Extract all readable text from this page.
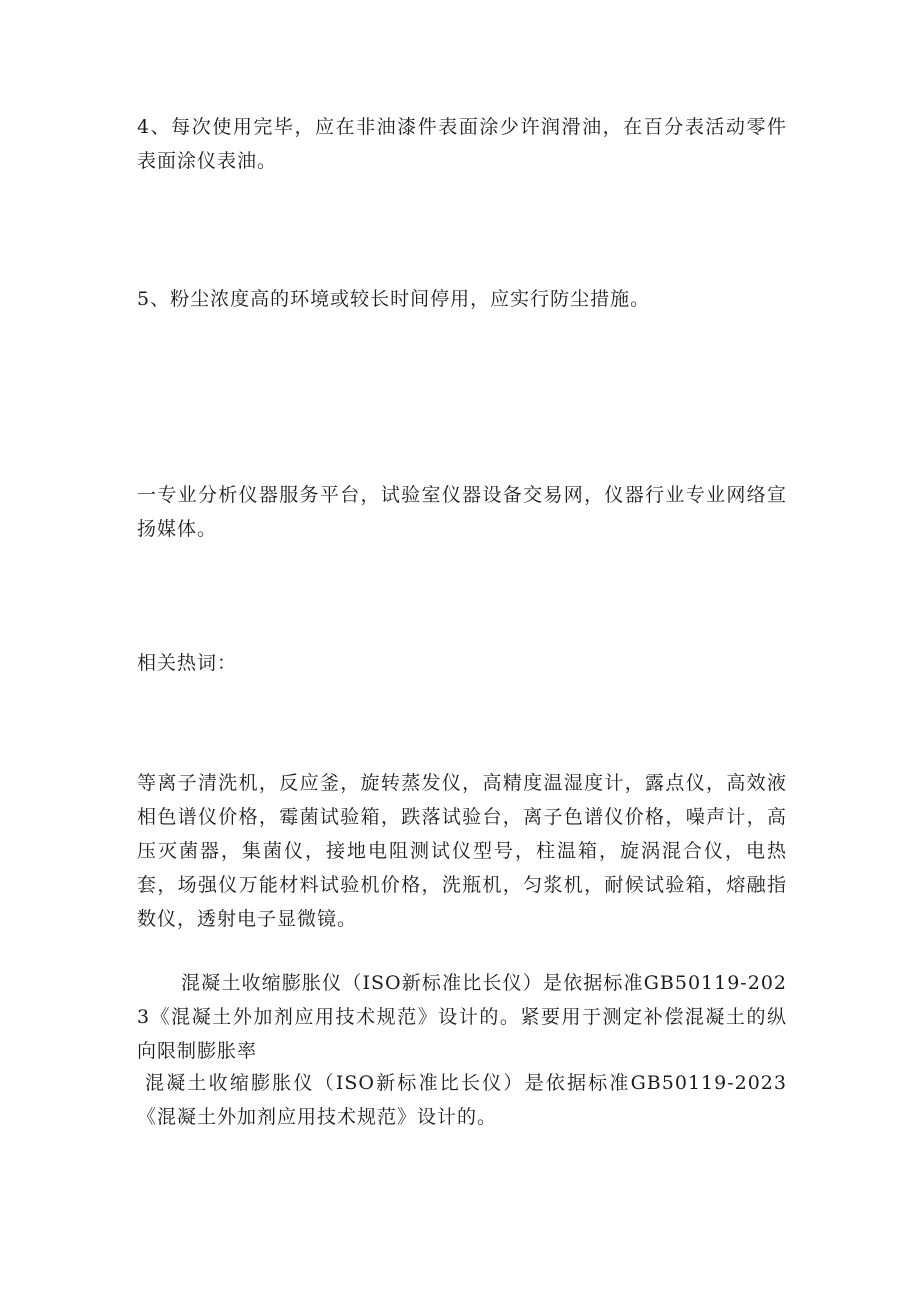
4、每次使用完毕，应在非油漆件表面涂少许润滑油，在百分表活动零件表面涂仪表油。

5、粉尘浓度高的环境或较长时间停用，应实行防尘措施。

一专业分析仪器服务平台，试验室仪器设备交易网，仪器行业专业网络宣扬媒体。

相关热词：

等离子清洗机，反应釜，旋转蒸发仪，高精度温湿度计，露点仪，高效液相色谱仪价格，霉菌试验箱，跌落试验台，离子色谱仪价格，噪声计，高压灭菌器，集菌仪，接地电阻测试仪型号，柱温箱，旋涡混合仪，电热套，场强仪万能材料试验机价格，洗瓶机，匀浆机，耐候试验箱，熔融指数仪，透射电子显微镜。

混凝土收缩膨胀仪（ISO新标准比长仪）是依据标准GB50119-2023《混凝土外加剂应用技术规范》设计的。紧要用于测定补偿混凝土的纵向限制膨胀率

混凝土收缩膨胀仪（ISO新标准比长仪）是依据标准GB50119-2023《混凝土外加剂应用技术规范》设计的。
